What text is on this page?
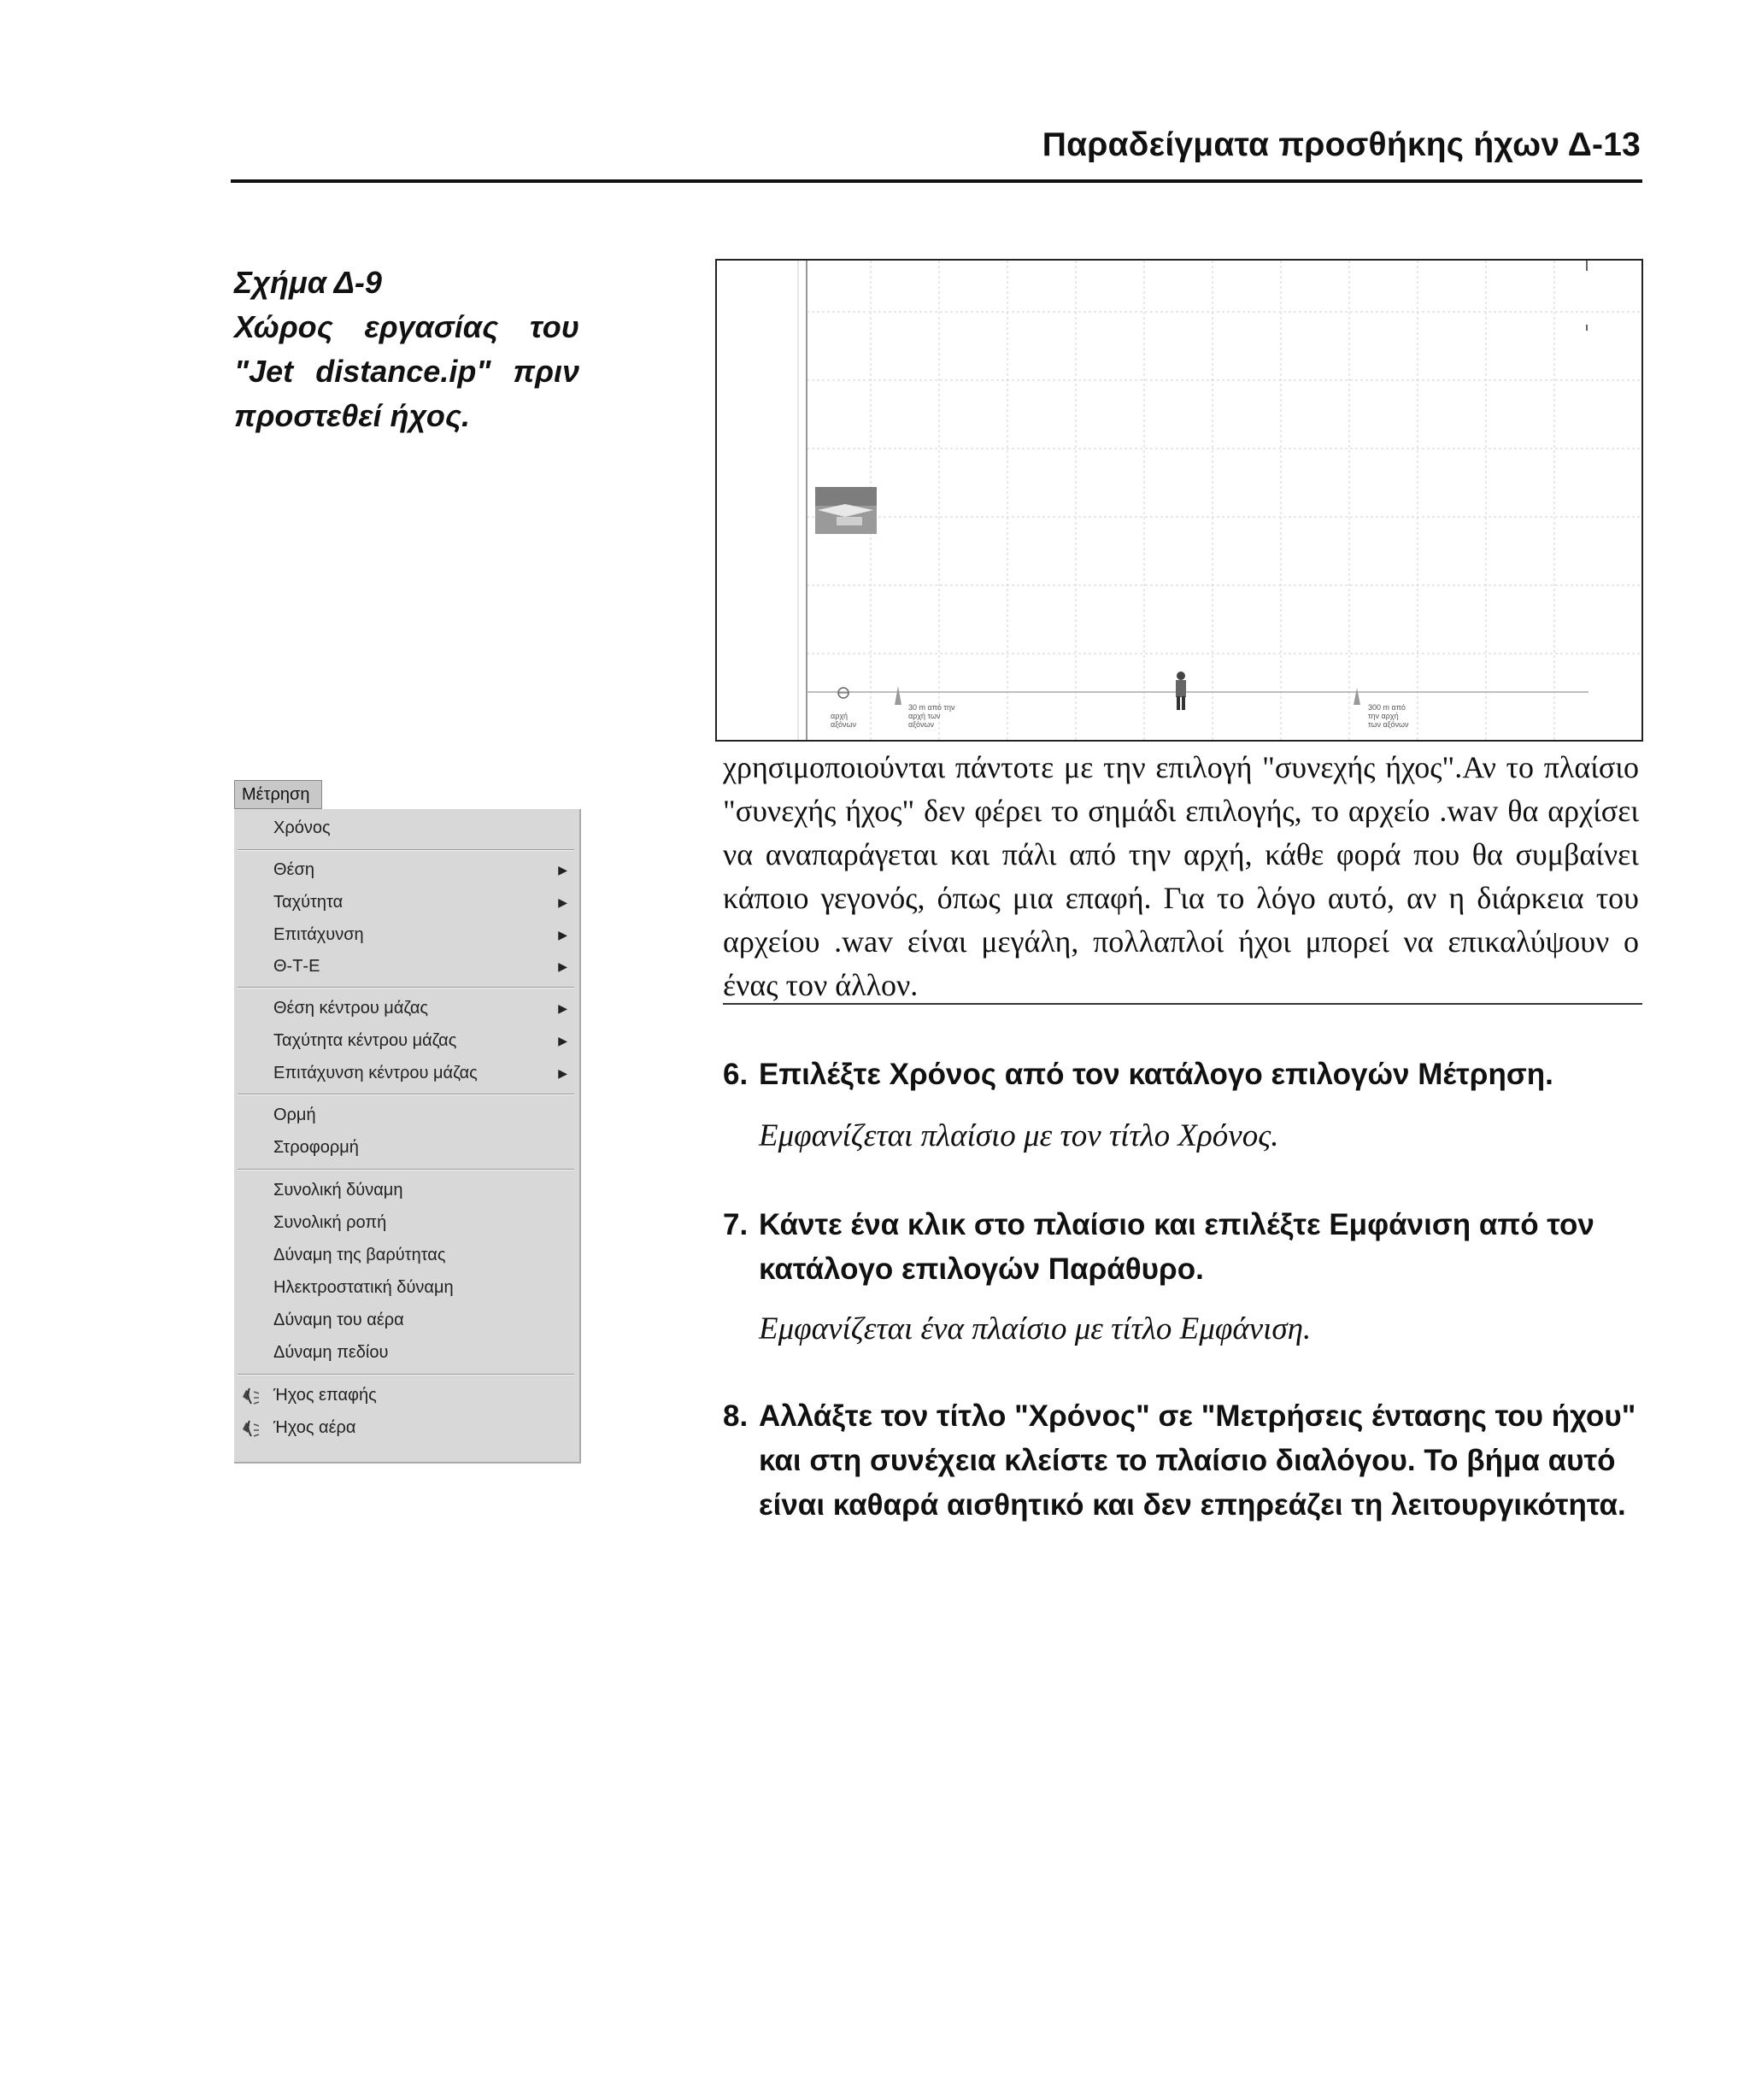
Παραδείγματα προσθήκης ήχων Δ-13
Σχήμα Δ-9
Χώρος εργασίας του
"Jet distance.ip" πριν
προστεθεί ήχος.
αρχή αξόνων
30 m από την αρχή των αξόνων
300 m από την αρχή των αξόνων
Μέτρηση
Χρόνος
Θέση	▶
Ταχύτητα	▶
Επιτάχυνση	▶
Θ-Τ-Ε	▶
Θέση κέντρου μάζας	▶
Ταχύτητα κέντρου μάζας	▶
Επιτάχυνση κέντρου μάζας	▶
Ορμή
Στροφορμή
Συνολική δύναμη
Συνολική ροπή
Δύναμη της βαρύτητας
Ηλεκτροστατική δύναμη
Δύναμη του αέρα
Δύναμη πεδίου
Ήχος επαφής
Ήχος αέρα
χρησιμοποιούνται πάντοτε με την επιλογή "συνεχής ήχος".Αν το πλαίσιο "συνεχής ήχος" δεν φέρει το σημάδι επιλογής, το αρχείο .wav θα αρχίσει να αναπαράγεται και πάλι από την αρχή, κάθε φορά που θα συμβαίνει κάποιο γεγονός, όπως μια επαφή. Για το λόγο αυτό, αν η διάρκεια του αρχείου .wav είναι μεγάλη, πολλαπλοί ήχοι μπορεί να επικαλύψουν ο ένας τον άλλον.
6. Επιλέξτε Χρόνος από τον κατάλογο επιλογών Μέτρηση.
Εμφανίζεται πλαίσιο με τον τίτλο Χρόνος.
7. Κάντε ένα κλικ στο πλαίσιο και επιλέξτε Εμφάνιση από τον κατάλογο επιλογών Παράθυρο.
Εμφανίζεται ένα πλαίσιο με τίτλο Εμφάνιση.
8. Αλλάξτε τον τίτλο "Χρόνος" σε "Μετρήσεις έντασης του ήχου" και στη συνέχεια κλείστε το πλαίσιο διαλόγου. Το βήμα αυτό είναι καθαρά αισθητικό και δεν επηρεάζει τη λειτουργικότητα.
